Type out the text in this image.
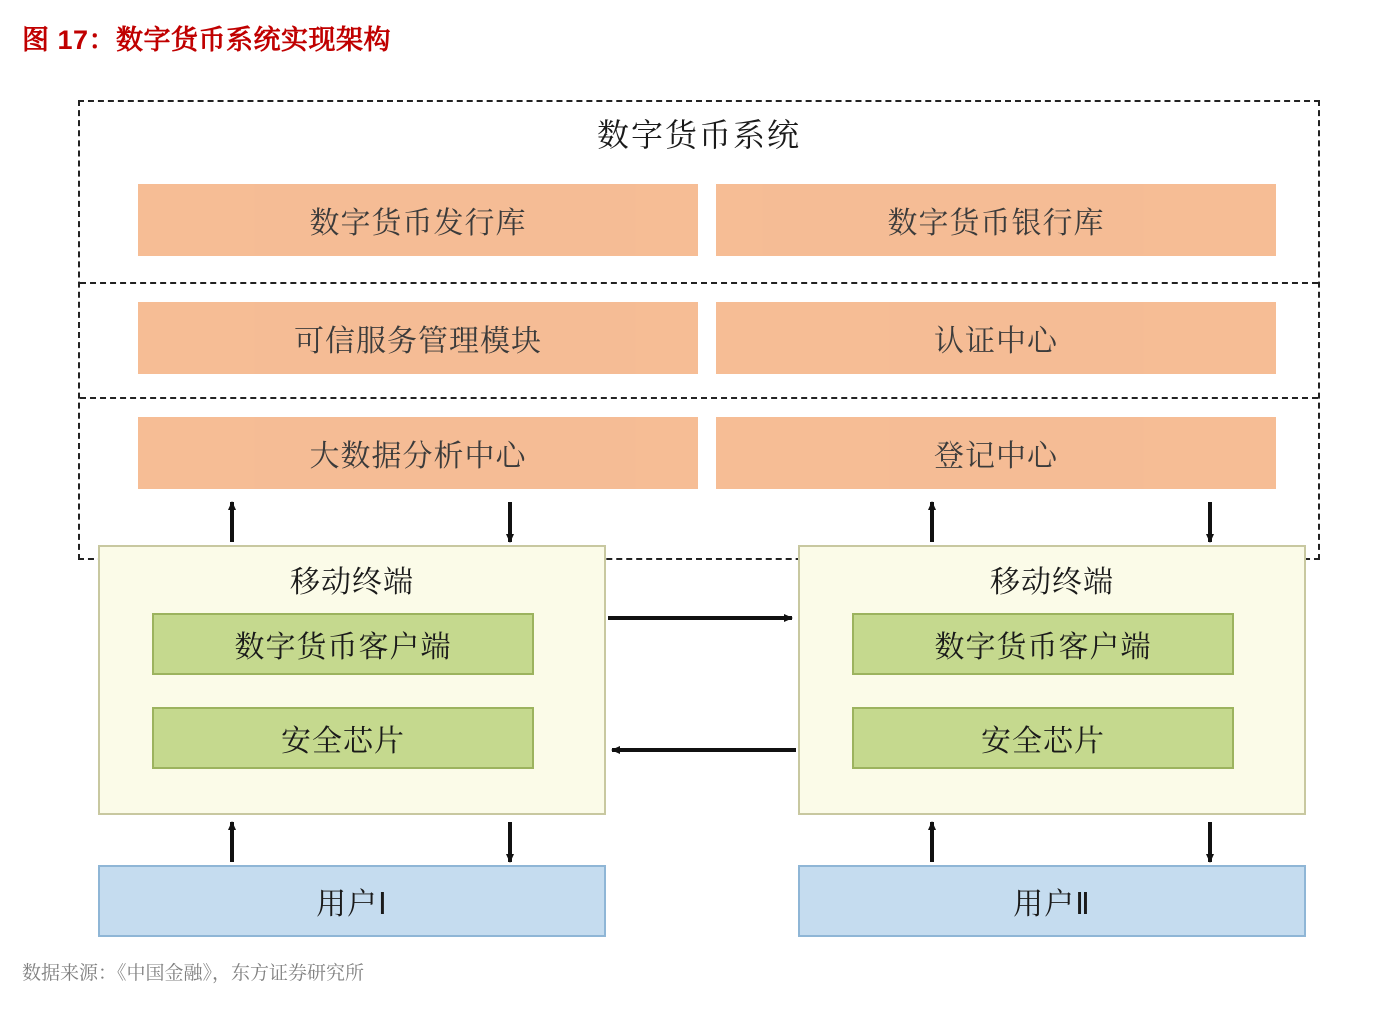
图 17：数字货币系统实现架构
数字货币系统
数字货币发行库	数字货币银行库
可信服务管理模块	认证中心
大数据分析中心	登记中心
移动终端
数字货币客户端
安全芯片
移动终端
数字货币客户端
安全芯片
用户Ⅰ	用户Ⅱ
数据来源：《中国金融》，东方证券研究所
